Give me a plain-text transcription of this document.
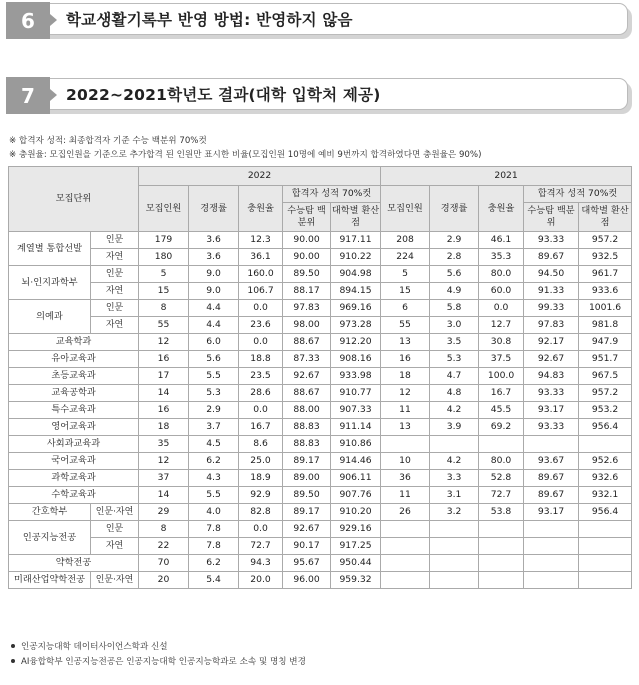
6	학교생활기록부 반영 방법: 반영하지 않음
7	2022~2021학년도 결과(대학 입학처 제공)
※ 합격자 성적: 최종합격자 기준 수능 백분위 70%컷
※ 충원율: 모집인원을 기준으로 추가합격 된 인원만 표시한 비율(모집인원 10명에 예비 9번까지 합격하였다면 충원율은 90%)
모집단위		2022					2021				
		모집인원	경쟁률	충원율	합격자 성적 70%컷		모집인원	경쟁률	충원율	합격자 성적 70%컷	
					수능탐 백분위	대학별 환산점				수능탐 백분위	대학별 환산점
계열별 통합선발	인문	179	3.6	12.3	90.00	917.11	208	2.9	46.1	93.33	957.2
	자연	180	3.6	36.1	90.00	910.22	224	2.8	35.3	89.67	932.5
뇌·인지과학부	인문	5	9.0	160.0	89.50	904.98	5	5.6	80.0	94.50	961.7
	자연	15	9.0	106.7	88.17	894.15	15	4.9	60.0	91.33	933.6
의예과	인문	8	4.4	0.0	97.83	969.16	6	5.8	0.0	99.33	1001.6
	자연	55	4.4	23.6	98.00	973.28	55	3.0	12.7	97.83	981.8
교육학과		12	6.0	0.0	88.67	912.20	13	3.5	30.8	92.17	947.9
유아교육과		16	5.6	18.8	87.33	908.16	16	5.3	37.5	92.67	951.7
초등교육과		17	5.5	23.5	92.67	933.98	18	4.7	100.0	94.83	967.5
교육공학과		14	5.3	28.6	88.67	910.77	12	4.8	16.7	93.33	957.2
특수교육과		16	2.9	0.0	88.00	907.33	11	4.2	45.5	93.17	953.2
영어교육과		18	3.7	16.7	88.83	911.14	13	3.9	69.2	93.33	956.4
사회과교육과		35	4.5	8.6	88.83	910.86					
국어교육과		12	6.2	25.0	89.17	914.46	10	4.2	80.0	93.67	952.6
과학교육과		37	4.3	18.9	89.00	906.11	36	3.3	52.8	89.67	932.6
수학교육과		14	5.5	92.9	89.50	907.76	11	3.1	72.7	89.67	932.1
간호학부	인문·자연	29	4.0	82.8	89.17	910.20	26	3.2	53.8	93.17	956.4
인공지능전공	인문	8	7.8	0.0	92.67	929.16					
	자연	22	7.8	72.7	90.17	917.25					
약학전공		70	6.2	94.3	95.67	950.44					
미래산업약학전공	인문·자연	20	5.4	20.0	96.00	959.32					
인공지능대학 데이터사이언스학과 신설
AI융합학부 인공지능전공은 인공지능대학 인공지능학과로 소속 및 명칭 변경
